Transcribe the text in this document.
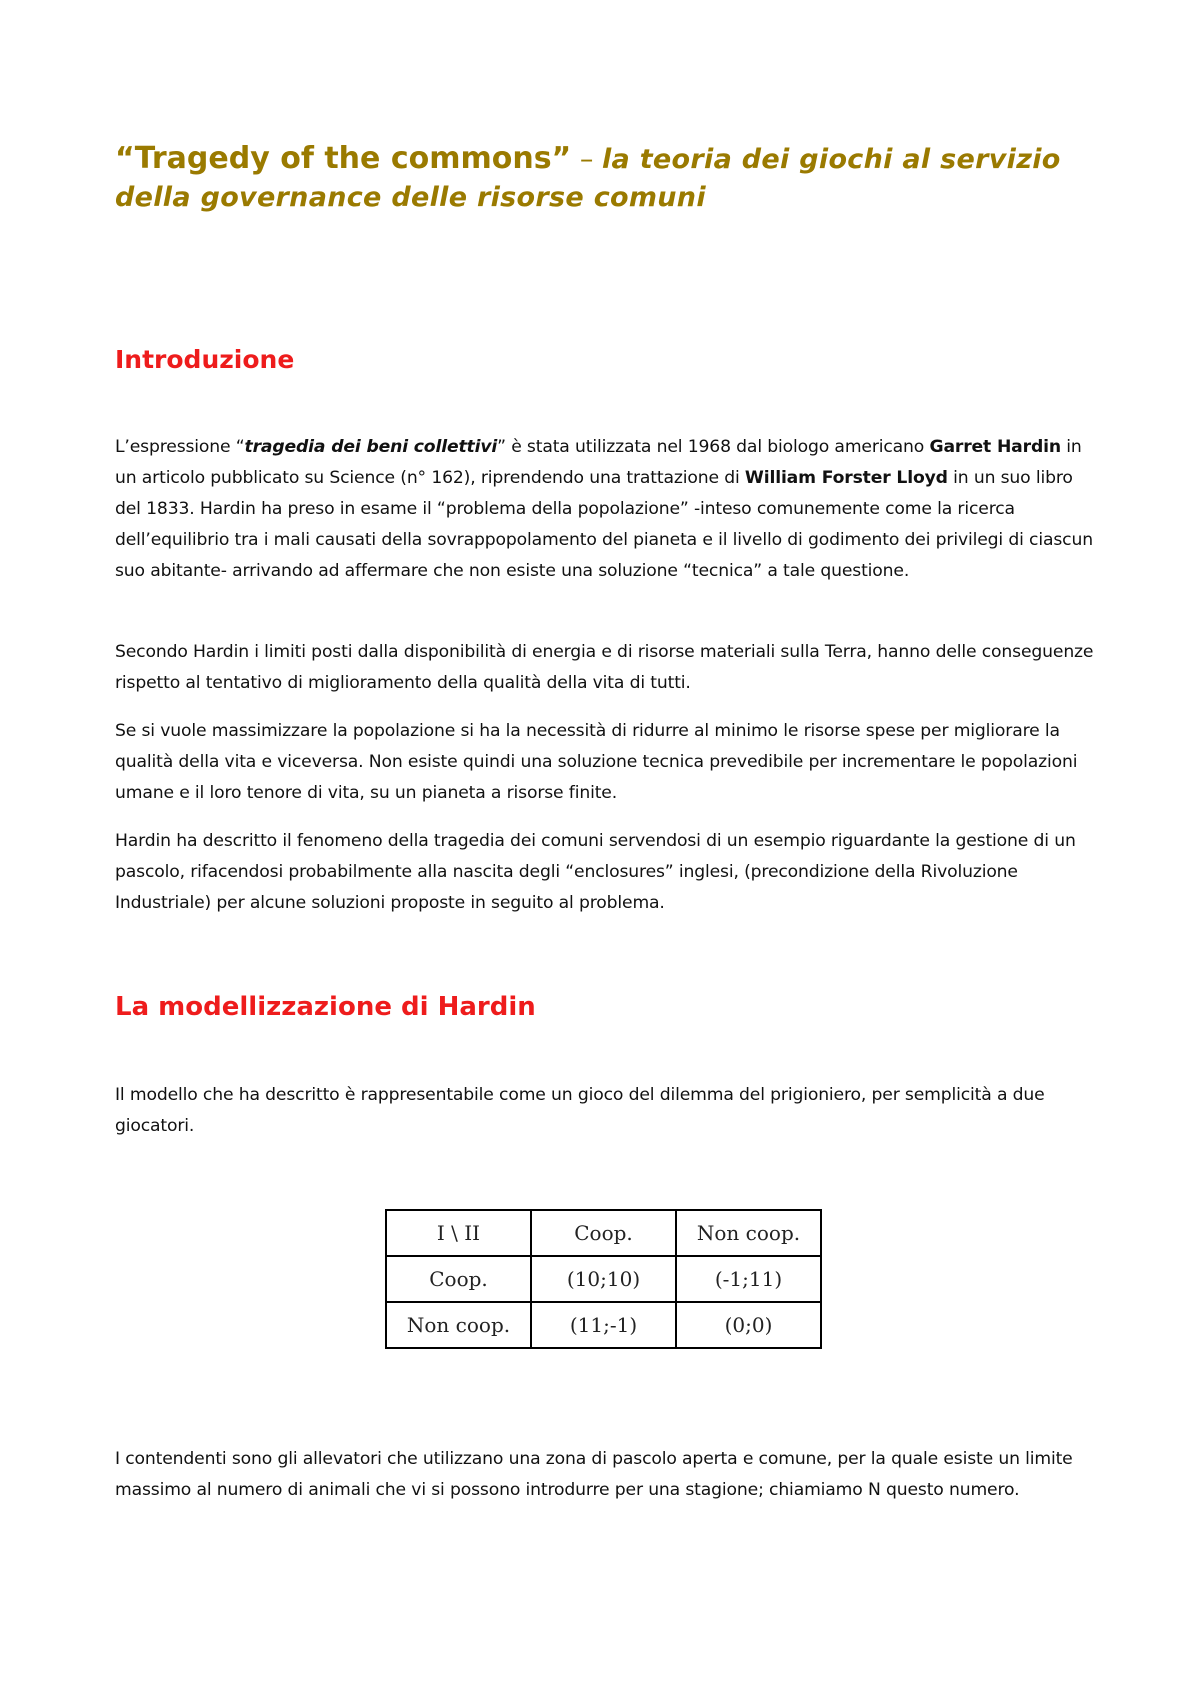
“Tragedy of the commons” – la teoria dei giochi al servizio della governance delle risorse comuni
Introduzione

L’espressione “tragedia dei beni collettivi” è stata utilizzata nel 1968 dal biologo americano Garret Hardin in un articolo pubblicato su Science (n° 162), riprendendo una trattazione di William Forster Lloyd in un suo libro del 1833. Hardin ha preso in esame il “problema della popolazione” -inteso comunemente come la ricerca dell’equilibrio tra i mali causati della sovrappopolamento del pianeta e il livello di godimento dei privilegi di ciascun suo abitante- arrivando ad affermare che non esiste una soluzione “tecnica” a tale questione.

Secondo Hardin i limiti posti dalla disponibilità di energia e di risorse materiali sulla Terra, hanno delle conseguenze rispetto al tentativo di miglioramento della qualità della vita di tutti.

Se si vuole massimizzare la popolazione si ha la necessità di ridurre al minimo le risorse spese per migliorare la qualità della vita e viceversa. Non esiste quindi una soluzione tecnica prevedibile per incrementare le popolazioni umane e il loro tenore di vita, su un pianeta a risorse finite.

Hardin ha descritto il fenomeno della tragedia dei comuni servendosi di un esempio riguardante la gestione di un pascolo, rifacendosi probabilmente alla nascita degli “enclosures” inglesi, (precondizione della Rivoluzione Industriale) per alcune soluzioni proposte in seguito al problema.

La modellizzazione di Hardin

Il modello che ha descritto è rappresentabile come un gioco del dilemma del prigioniero, per semplicità a due giocatori.

I \ II	Coop.	Non coop.
Coop.	(10;10)	(-1;11)
Non coop.	(11;-1)	(0;0)

I contendenti sono gli allevatori che utilizzano una zona di pascolo aperta e comune, per la quale esiste un limite massimo al numero di animali che vi si possono introdurre per una stagione; chiamiamo N questo numero.
